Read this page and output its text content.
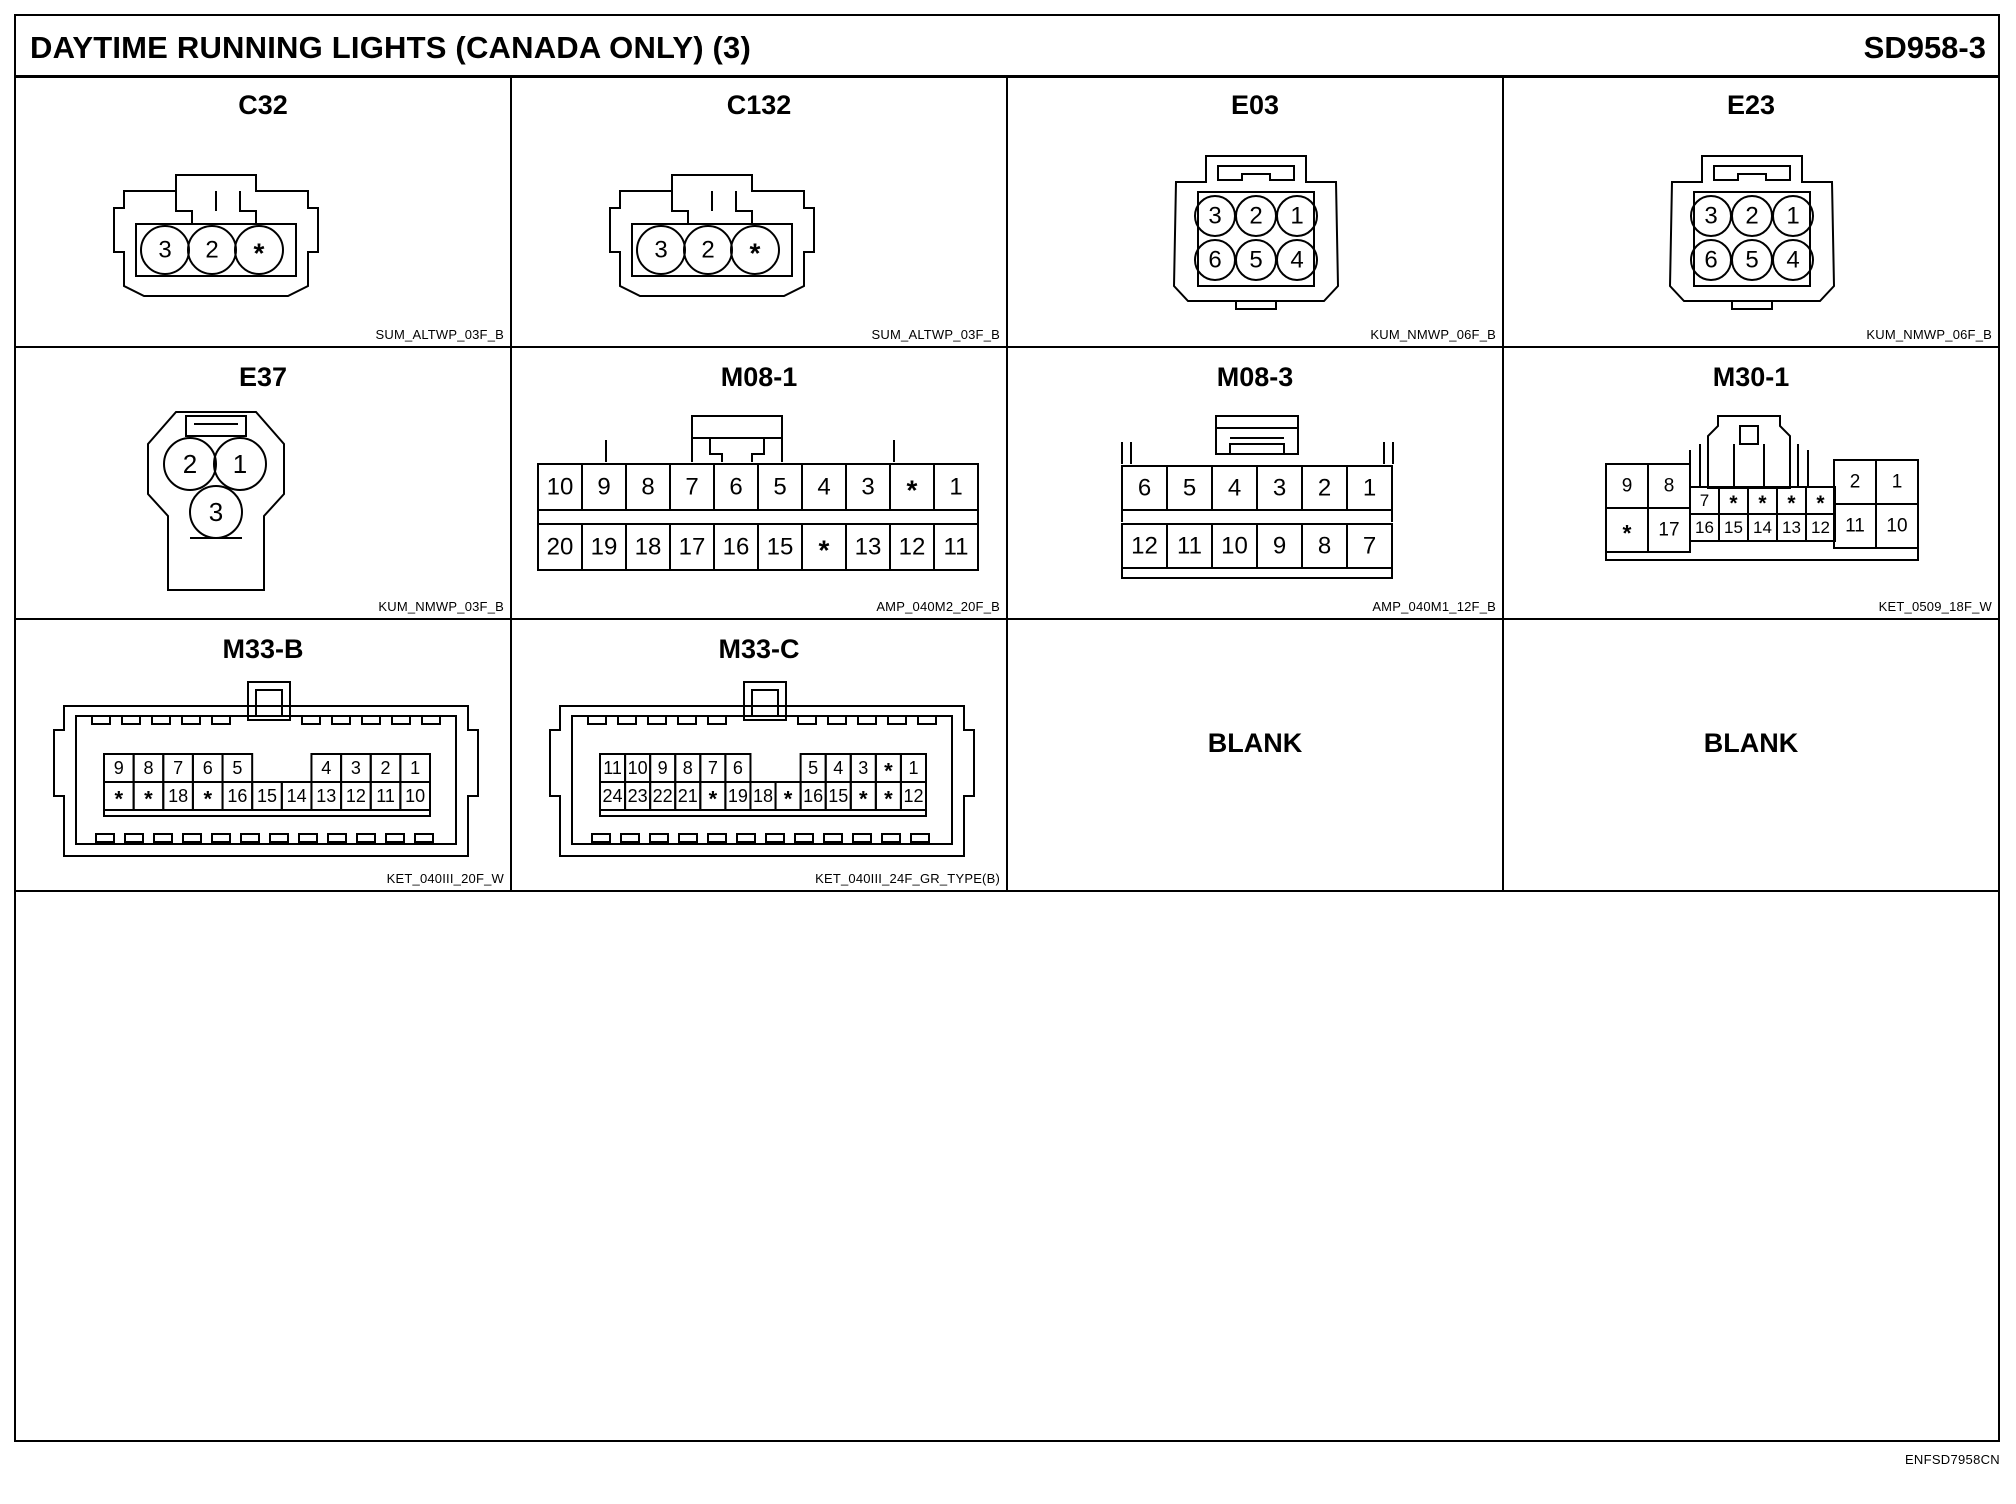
DAYTIME RUNNING LIGHTS (CANADA ONLY) (3)	SD958-3
C32
SUM_ALTWP_03F_B
3 2 *
C132
SUM_ALTWP_03F_B
3 2 *
E03
KUM_NMWP_06F_B
3 2 1
6 5 4
E23
KUM_NMWP_06F_B
3 2 1
6 5 4
E37
KUM_NMWP_03F_B
2 1
3
M08-1
AMP_040M2_20F_B
10 9 8 7 6 5 4 3 * 1
20 19 18 17 16 15 * 13 12 11
M08-3
AMP_040M1_12F_B
6 5 4 3 2 1
12 11 10 9 8 7
M30-1
KET_0509_18F_W
9 8
* 17
7 * * * *
16 15 14 13 12
2 1
11 10
M33-B
KET_040III_20F_W
9 8 7 6 5	4 3 2 1
* * 18 * 16 15 14 13 12 11 10
M33-C
KET_040III_24F_GR_TYPE(B)
11 10 9 8 7 6	5 4 3 * 1
24 23 22 21 * 19 18 * 16 15 * * 12
BLANK	BLANK
ENFSD7958CN
